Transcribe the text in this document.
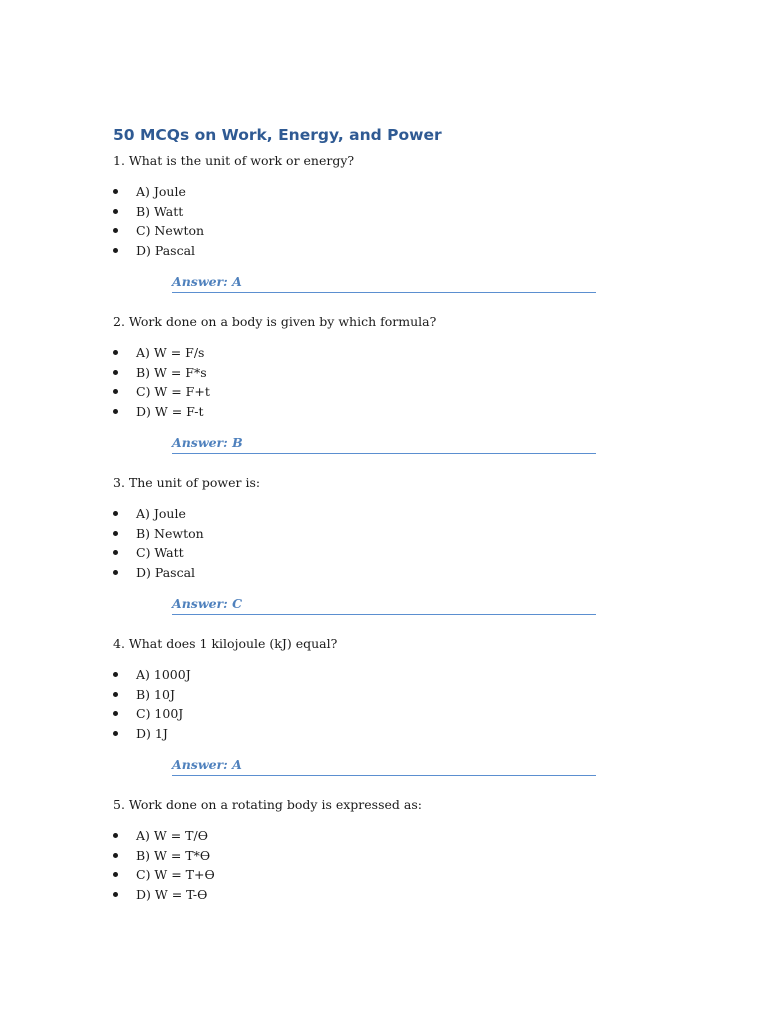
50 MCQs on Work, Energy, and Power

1. What is the unit of work or energy?

A) Joule
B) Watt
C) Newton
D) Pascal
Answer: A

2. Work done on a body is given by which formula?

A) W = F/s
B) W = F*s
C) W = F+t
D) W = F-t
Answer: B

3. The unit of power is:

A) Joule
B) Newton
C) Watt
D) Pascal
Answer: C

4. What does 1 kilojoule (kJ) equal?

A) 1000J
B) 10J
C) 100J
D) 1J
Answer: A

5. Work done on a rotating body is expressed as:

A) W = T/Ɵ
B) W = T*Ɵ
C) W = T+Ɵ
D) W = T-Ɵ
